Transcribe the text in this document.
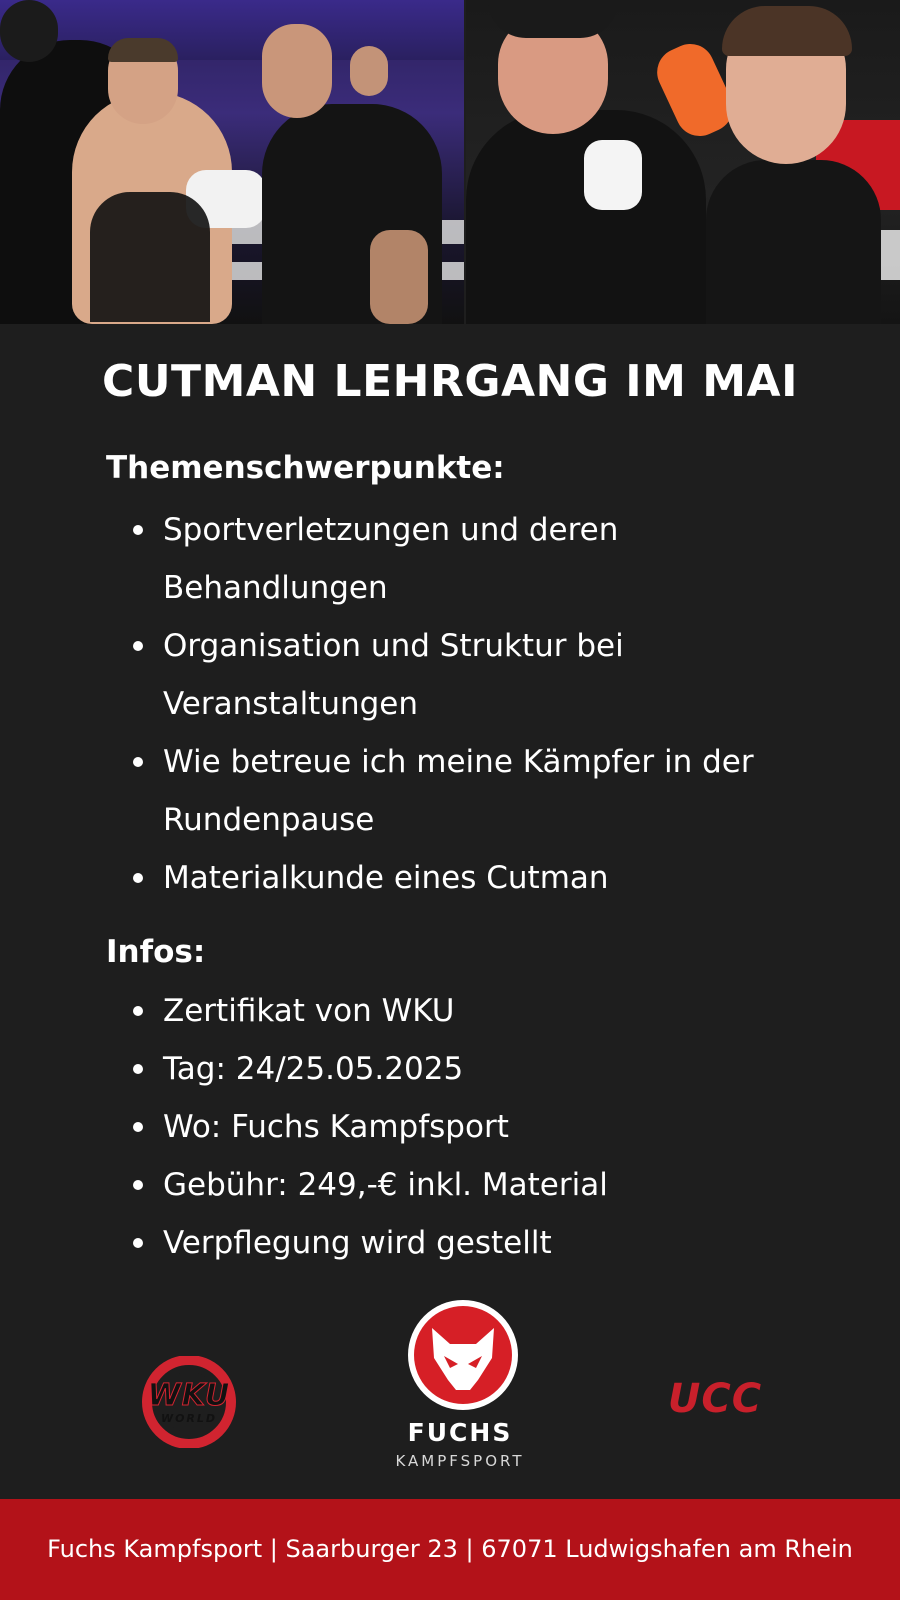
CUTMAN LEHRGANG IM MAI
Themenschwerpunkte:
Sportverletzungen und deren
Behandlungen
Organisation und Struktur bei
Veranstaltungen
Wie betreue ich meine Kämpfer in der
Rundenpause
Materialkunde eines Cutman
Infos:
Zertifikat von WKU
Tag: 24/25.05.2025
Wo: Fuchs Kampfsport
Gebühr: 249,-€ inkl. Material
Verpflegung wird gestellt
WKU
WORLD	FUCHS
KAMPFSPORT
UCC
Fuchs Kampfsport | Saarburger 23 | 67071 Ludwigshafen am Rhein
